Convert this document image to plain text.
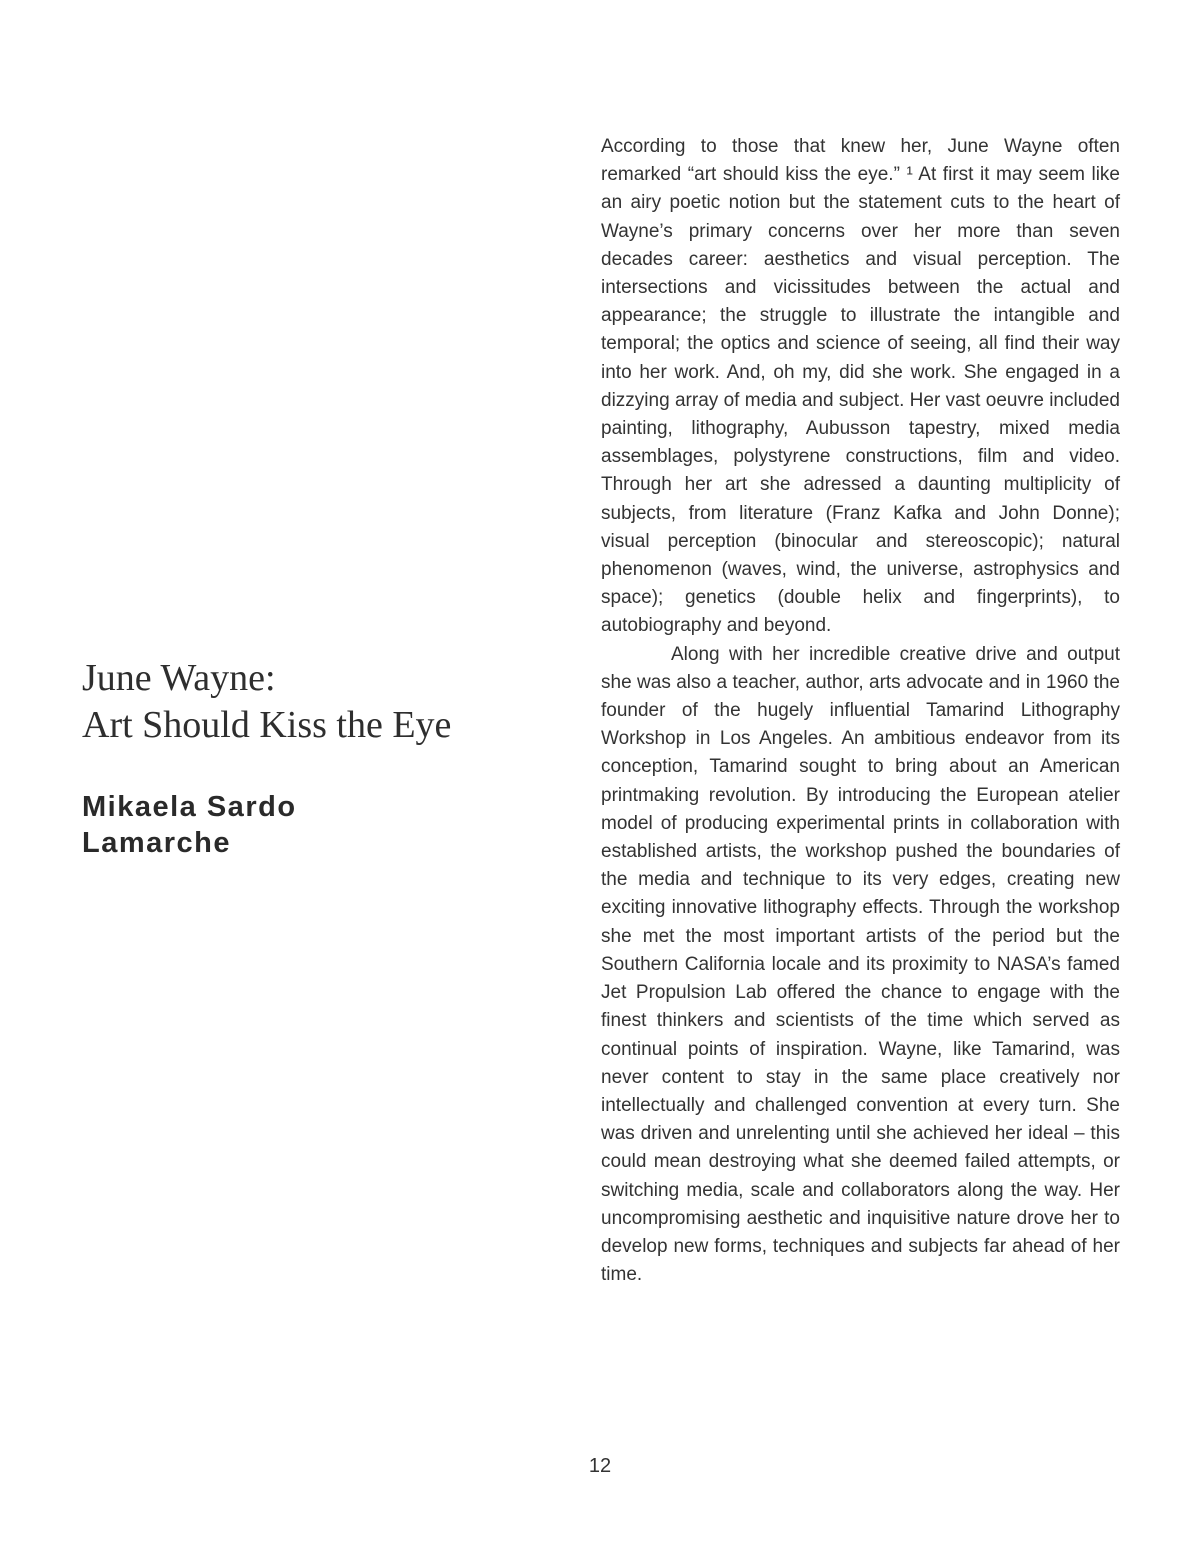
June Wayne:
Art Should Kiss the Eye
Mikaela Sardo
Lamarche

According to those that knew her, June Wayne often remarked “art should kiss the eye.” ¹ At first it may seem like an airy poetic notion but the statement cuts to the heart of Wayne’s primary concerns over her more than seven decades career: aesthetics and visual perception. The intersections and vicissitudes between the actual and appearance; the struggle to illustrate the intangible and temporal; the optics and science of seeing, all find their way into her work. And, oh my, did she work. She engaged in a dizzying array of media and subject. Her vast oeuvre included painting, lithography, Aubusson tapestry, mixed media assemblages, polystyrene constructions, film and video. Through her art she adressed a daunting multiplicity of subjects, from literature (Franz Kafka and John Donne); visual perception (binocular and stereoscopic); natural phenomenon (waves, wind, the universe, astrophysics and space); genetics (double helix and fingerprints), to autobiography and beyond.

Along with her incredible creative drive and output she was also a teacher, author, arts advocate and in 1960 the founder of the hugely influential Tamarind Lithography Workshop in Los Angeles. An ambitious endeavor from its conception, Tamarind sought to bring about an American printmaking revolution. By introducing the European atelier model of producing experimental prints in collaboration with established artists, the workshop pushed the boundaries of the media and technique to its very edges, creating new exciting innovative lithography effects. Through the workshop she met the most important artists of the period but the Southern California locale and its proximity to NASA’s famed Jet Propulsion Lab offered the chance to engage with the finest thinkers and scientists of the time which served as continual points of inspiration. Wayne, like Tamarind, was never content to stay in the same place creatively nor intellectually and challenged convention at every turn. She was driven and unrelenting until she achieved her ideal – this could mean destroying what she deemed failed attempts, or switching media, scale and collaborators along the way. Her uncompromising aesthetic and inquisitive nature drove her to develop new forms, techniques and subjects far ahead of her time.

12
